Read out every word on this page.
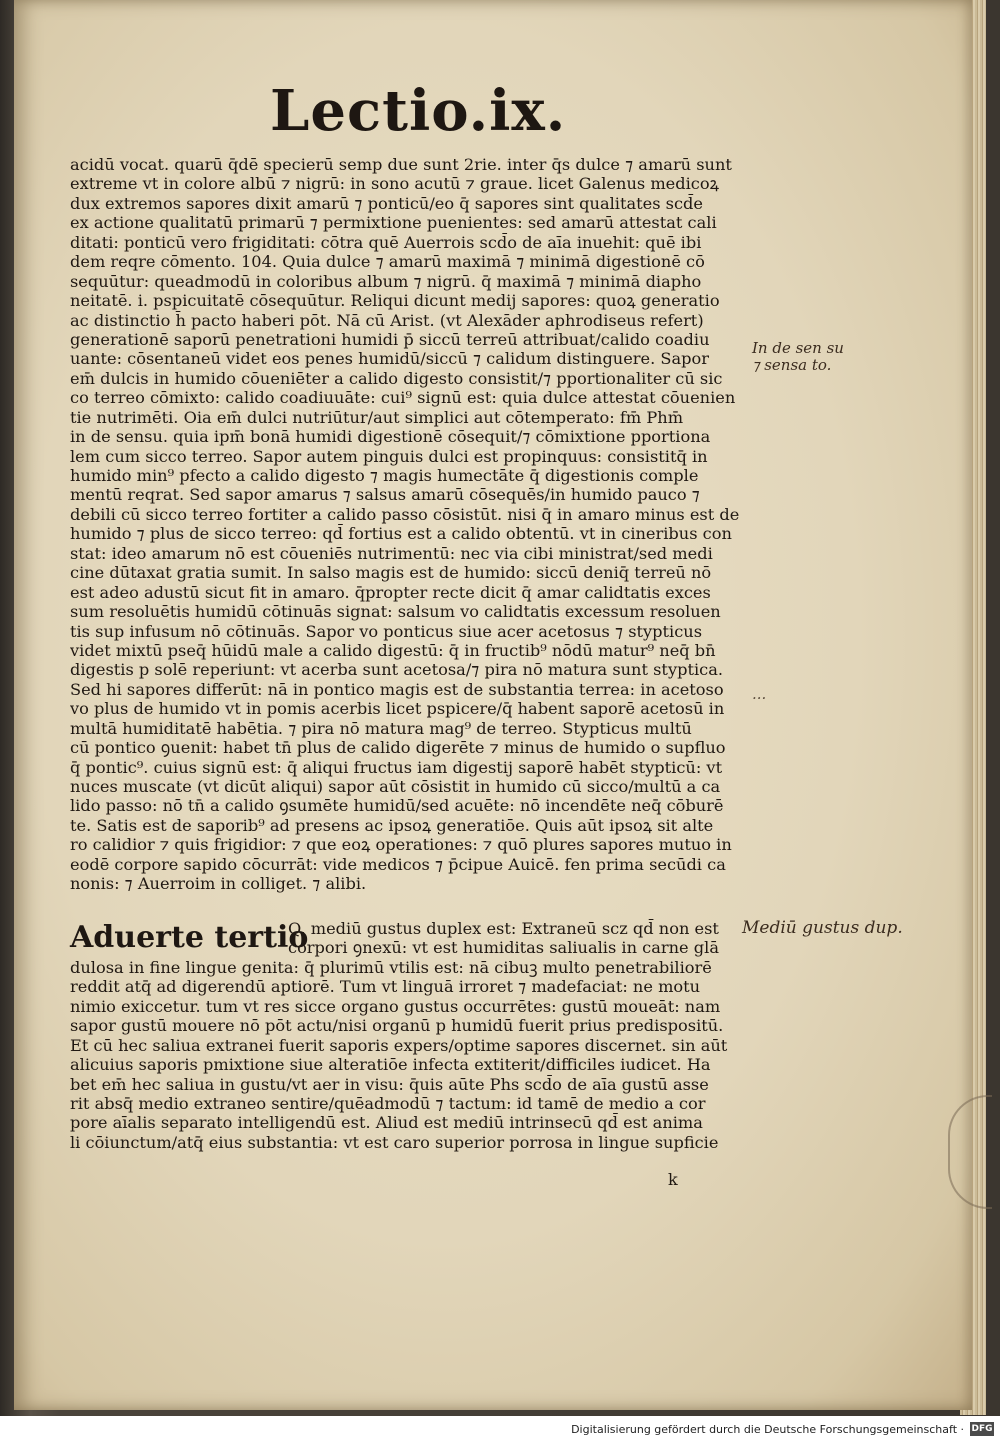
Lectio.ix.
acidū vocat. quarū q̄dē specierū semp due sunt 2rie. inter q̄s dulce ⁊ amarū sunt
extreme vt in colore albū ⁊ nigrū: in sono acutū ⁊ graue. licet Galenus medicoꝝ
dux extremos sapores dixit amarū ⁊ ponticū/eo q̄ sapores sint qualitates scd̄e
ex actione qualitatū primarū ⁊ permixtione puenientes: sed amarū attestat cali
ditati: ponticū vero frigiditati: cōtra quē Auerrois scd̄o de aīa inuehit: quē ibi
dem reqre cōmento. 104. Quia dulce ⁊ amarū maximā ⁊ minimā digestionē cō
sequūtur: queadmodū in coloribus album ⁊ nigrū. q̄ maximā ⁊ minimā diapho
neitatē. i. pspicuitatē cōsequūtur. Reliqui dicunt medij sapores: quoꝝ generatio
ac distinctio h̄ pacto haberi pōt. Nā cū Arist. (vt Alexāder aphrodiseus refert)
generationē saporū penetrationi humidi p̄ siccū terreū attribuat/calido coadiu
uante: cōsentaneū videt eos penes humidū/siccū ⁊ calidum distinguere. Sapor
em̄ dulcis in humido cōueniēter a calido digesto consistit/⁊ pportionaliter cū sic
co terreo cōmixto: calido coadiuuāte: cui⁹ signū est: quia dulce attestat cōuenien
tie nutrimēti. Oia em̄ dulci nutriūtur/aut simplici aut cōtemperato: fm̄ Phm̄
in de sensu. quia ipm̄ bonā humidi digestionē cōsequit/⁊ cōmixtione pportiona
lem cum sicco terreo. Sapor autem pinguis dulci est propinquus: consistitq̄ in
humido min⁹ pfecto a calido digesto ⁊ magis humectāte q̄ digestionis comple
mentū reqrat. Sed sapor amarus ⁊ salsus amarū cōsequēs/in humido pauco ⁊
debili cū sicco terreo fortiter a calido passo cōsistūt. nisi q̄ in amaro minus est de
humido ⁊ plus de sicco terreo: qd̄ fortius est a calido obtentū. vt in cineribus con
stat: ideo amarum nō est cōueniēs nutrimentū: nec via cibi ministrat/sed medi
cine dūtaxat gratia sumit. In salso magis est de humido: siccū deniq̄ terreū nō
est adeo adustū sicut fit in amaro. q̄propter recte dicit q̄ amar calidtatis exces
sum resoluētis humidū cōtinuās signat: salsum vo calidtatis excessum resoluen
tis sup infusum nō cōtinuās. Sapor vo ponticus siue acer acetosus ⁊ stypticus
videt mixtū pseq̄ hūidū male a calido digestū: q̄ in fructib⁹ nōdū matur⁹ neq̄ bn̄
digestis p solē reperiunt: vt acerba sunt acetosa/⁊ pira nō matura sunt styptica.
Sed hi sapores differūt: nā in pontico magis est de substantia terrea: in acetoso
vo plus de humido vt in pomis acerbis licet pspicere/q̄ habent saporē acetosū in
multā humiditatē habētia. ⁊ pira nō matura mag⁹ de terreo. Stypticus multū
cū pontico ꝯuenit: habet tn̄ plus de calido digerēte ⁊ minus de humido o supfluo
q̄ pontic⁹. cuius signū est: q̄ aliqui fructus iam digestij saporē habēt stypticū: vt
nuces muscate (vt dicūt aliqui) sapor aūt cōsistit in humido cū sicco/multū a ca
lido passo: nō tn̄ a calido ꝯsumēte humidū/sed acuēte: nō incendēte neq̄ cōburē
te. Satis est de saporib⁹ ad presens ac ipsoꝝ generatiōe. Quis aūt ipsoꝝ sit alte
ro calidior ⁊ quis frigidior: ⁊ que eoꝝ operationes: ⁊ quō plures sapores mutuo in
eodē corpore sapido cōcurrāt: vide medicos ⁊ p̄cipue Auicē. fen prima secūdi ca
nonis: ⁊ Auerroim in colliget. ⁊ alibi.
Aduerte tertio
Q, mediū gustus duplex est: Extraneū scz qd̄ non est
corpori ꝯnexū: vt est humiditas saliualis in carne glā
dulosa in fine lingue genita: q̄ plurimū vtilis est: nā cibuꝫ multo penetrabiliorē
reddit atq̄ ad digerendū aptiorē. Tum vt linguā irroret ⁊ madefaciat: ne motu
nimio exiccetur. tum vt res sicce organo gustus occurrētes: gustū moueāt: nam
sapor gustū mouere nō pōt actu/nisi organū p humidū fuerit prius predispositū.
Et cū hec saliua extranei fuerit saporis expers/optime sapores discernet. sin aūt
alicuius saporis pmixtione siue alteratiōe infecta extiterit/difficiles iudicet. Ha
bet em̄ hec saliua in gustu/vt aer in visu: q̄uis aūte Phs scd̄o de aīa gustū asse
rit absq̄ medio extraneo sentire/quēadmodū ⁊ tactum: id tamē de medio a cor
pore aīalis separato intelligendū est. Aliud est mediū intrinsecū qd̄ est anima
li cōiunctum/atq̄ eius substantia: vt est caro superior porrosa in lingue supficie
k
In de sen su ⁊ sensa to.
...
Mediū gustus dup.
Digitalisierung gefördert durch die Deutsche Forschungsgemeinschaft · DFG
